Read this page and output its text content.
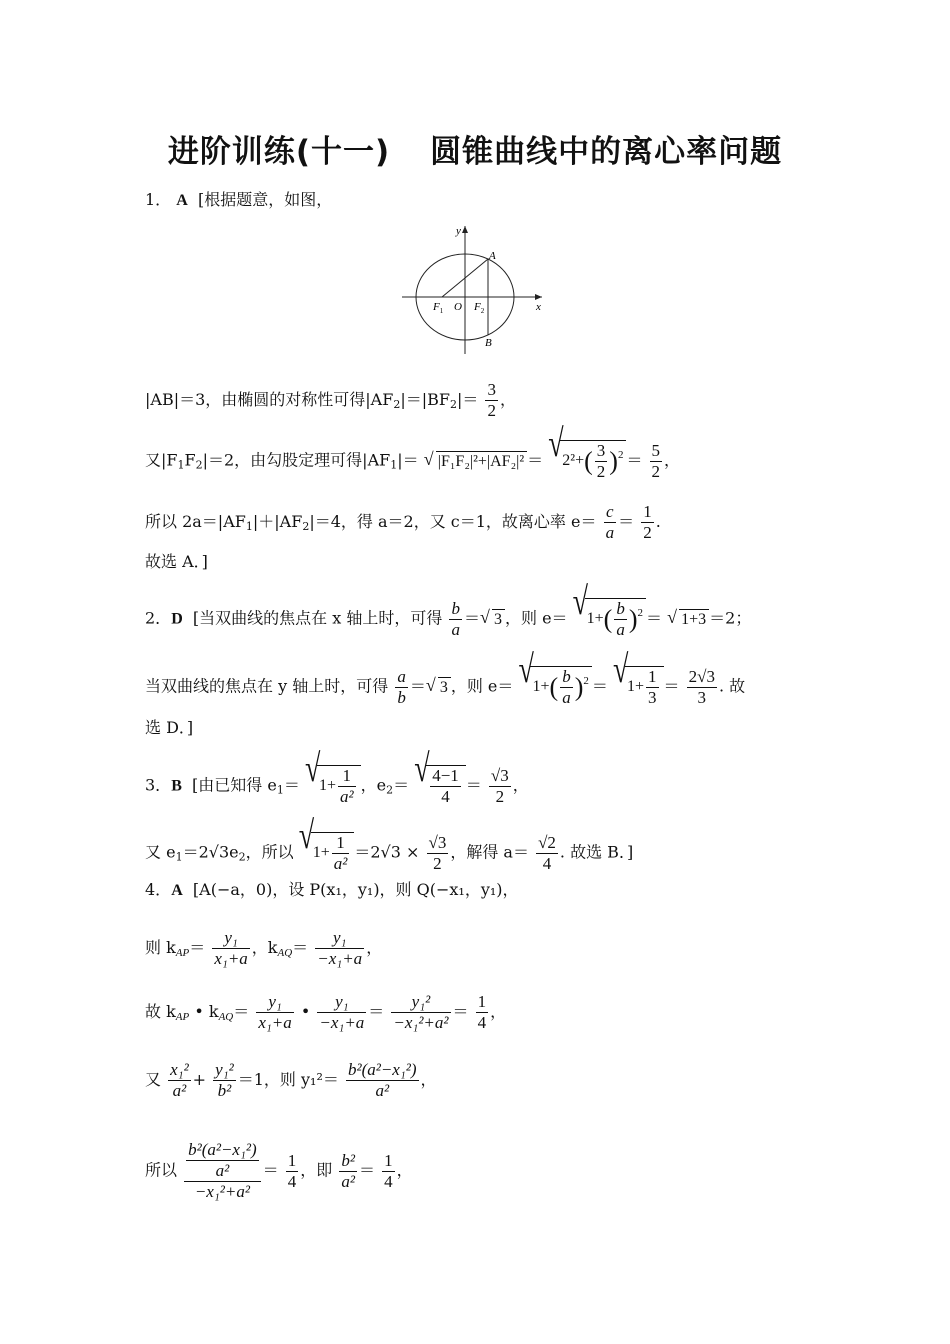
进阶训练(十一) 圆锥曲线中的离心率问题
1． A [根据题意，如图，
y
x
A
B
O
$F_1$	$F_2$
|AB|＝3，由椭圆的对称性可得$|AF_2|=|BF_2|= \frac{3}{2}$ ，
又$|F_1F_2|=2$，由勾股定理可得$|AF_1|=$ √ |F₁F₂|²+|AF₂|² ＝ √ $2^2+( \frac{3}{2} )^2 = \frac{5}{2}$ ，
所以 $2a=|AF_1|+|AF_2|=4$，得 a＝2，又 c＝1，故离心率 $e= \frac{c}{a} = \frac{1}{2}$ .
故选 A．]
2．D [当双曲线的焦点在 x 轴上时，可得 $\frac{b}{a}$ ＝ √ 3 ，则 e＝ √ $1+( \frac{b}{a} )^2$ ＝ √ 1+3 ＝2；
当双曲线的焦点在 y 轴上时，可得 $\frac{a}{b}$ ＝ √ 3 ，则 e＝ √ $1+( \frac{b}{a} )^2$ ＝ √ $1+ \frac{1}{3} = \frac{2√3}{3}$ . 故
选 D．]
3．B [由已知得 $e_1=$ √ $1+ \frac{1}{\text{a²}}$ ，$e_2=$ √ $\frac{4-1}{4} = \frac{√3}{2}$ ，
又 $e_1=2√3e_2$，所以 √ $1+ \frac{1}{\text{a²}} =2√3 \times \frac{√3}{2}$ ，解得 $a= \frac{√2}{4}$ . 故选 B．]
4．A [A(−a，0)，设 P(x₁，y₁)，则 Q(−x₁，y₁)，
则 $k_{AP}= \frac{\text{y₁}}{\text{x₁+a}}$ ，$k_{AQ}= \frac{\text{y₁}}{\text{−x₁+a}}$ ，
故 $k_{AP}$ • $k_{AQ}= \frac{\text{y₁}}{\text{x₁+a}}$ • $\frac{\text{y₁}}{\text{−x₁+a}} = \frac{\text{y₁²}}{\text{−x₁²+a²}} = \frac{1}{4}$ ，
又 $\frac{\text{x₁²}}{\text{a²}} + \frac{\text{y₁²}}{\text{b²}} =1$，则 $y_1^2= \frac{\text{b²(a²−x₁²)}}{\text{a²}}$ ，
所以 $\frac{\frac{\text{b²(a²−x₁²)}}{\text{a²}}}{\text{−x₁²+a²}} = \frac{1}{4}$ ，即 $\frac{\text{b²}}{\text{a²}} = \frac{1}{4}$ ，
